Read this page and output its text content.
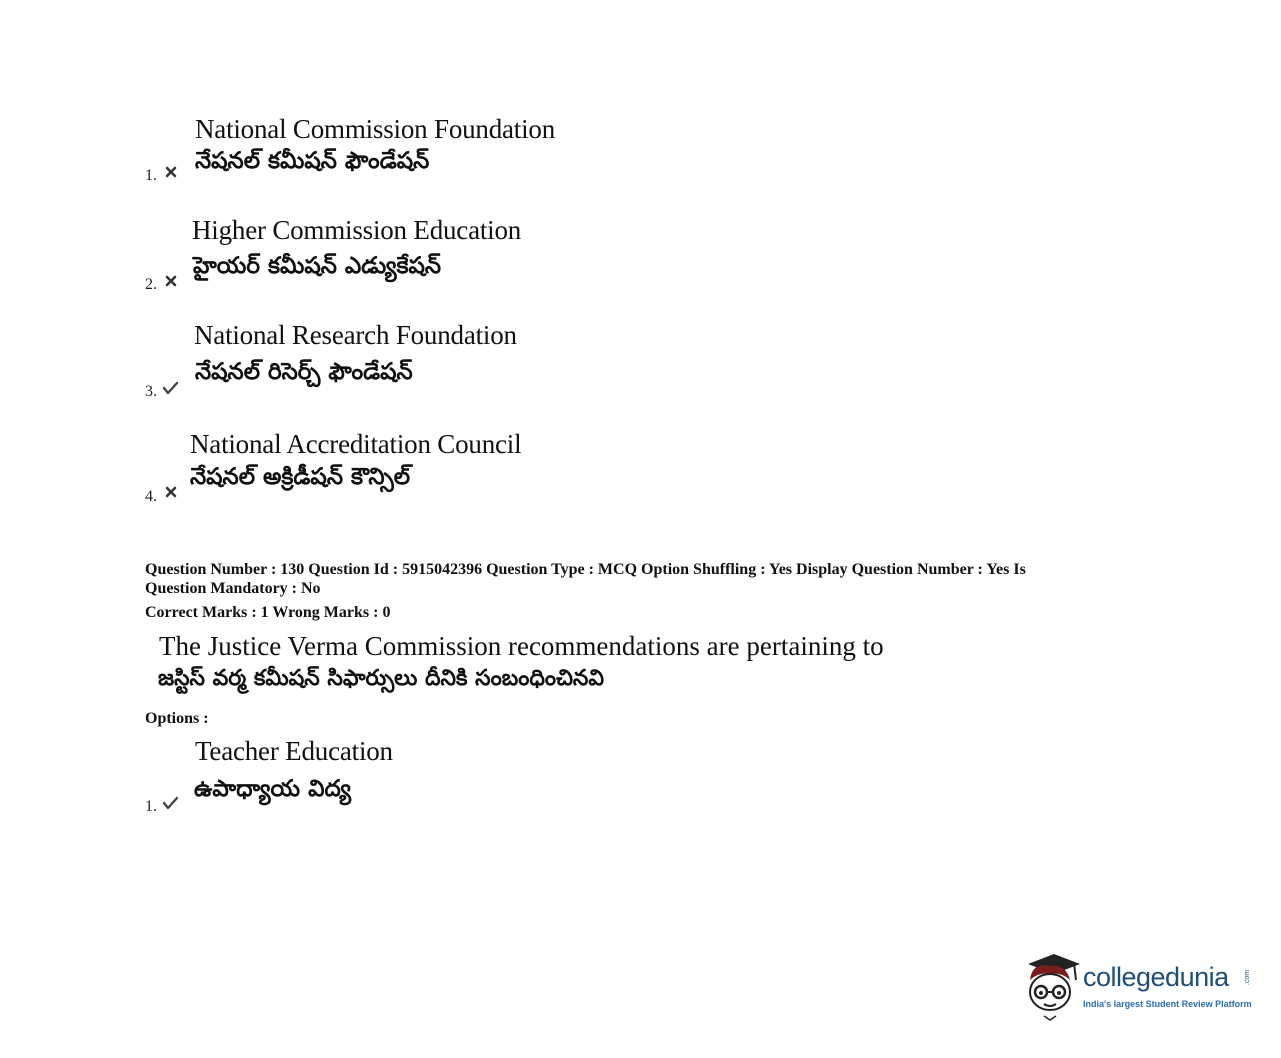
National Commission Foundation
నేషనల్ కమీషన్ ఫౌండేషన్
1.
Higher Commission Education
హైయర్ కమీషన్ ఎడ్యుకేషన్
2.
National Research Foundation
నేషనల్ రిసెర్చ్ ఫౌండేషన్
3.
National Accreditation Council
నేషనల్ అక్రిడీషన్ కౌన్సిల్
4.
Question Number : 130 Question Id : 5915042396 Question Type : MCQ Option Shuffling : Yes Display Question Number : Yes Is
Question Mandatory : No
Correct Marks : 1 Wrong Marks : 0
The Justice Verma Commission recommendations are pertaining to
జస్టిస్ వర్మ కమీషన్ సిఫార్సులు దీనికి సంబంధించినవి
Options :
Teacher Education
ఉపాధ్యాయ విద్య
1.
collegedunia .com
India's largest Student Review Platform
